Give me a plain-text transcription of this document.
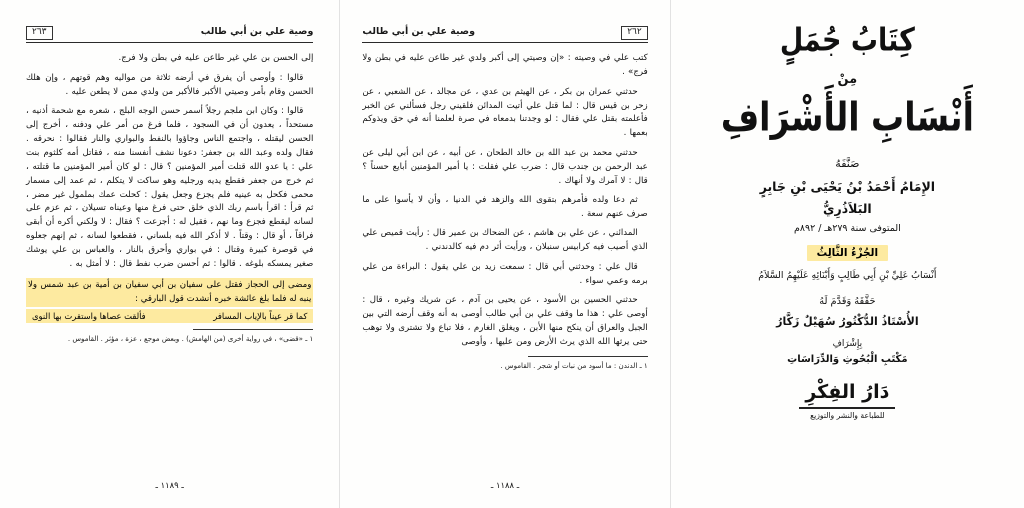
٢٦٣	وصية علي بن أبي طالب

إلى الحسن بن علي غير طاعن عليه في بطن ولا فرج.

قالوا : وأوصى أن يفرق في أرضه ثلاثة من مواليه وهم قوتهم ، وإن هلك الحسن وقام بأمر وصيتي الأكبر فالأكبر من ولدي ممن لا يطعن عليه .

قالوا : وكان ابن ملجم رجلاً أسمر حسن الوجه البلج ، شعره مع شحمة أذنيه ، مستحداً ، يعدون أن في السجود ، فلما فرغ من أمر علي ودفنه ، أخرج إلى الحسن ليقتله ، واجتمع الناس وجاؤوا بالنفط والبواري والنار فقالوا : نحرقه . فقال ولده وعبد الله بن جعفر: دعونا نشف أنفسنا منه ، فقاتل أمه كلثوم بنت علي : يا عدو الله قتلت أمير المؤمنين ؟ قال : لو كان أمير المؤمنين ما قتلته ، ثم خرج من جعفر فقطع يديه ورجليه وهو ساكت لا يتكلم ، ثم عمد إلى مسمار محمى فكحل به عينيه فلم يجزع وجعل يقول : كحلت عمك بملمول غير مضر ، ثم قرأ : اقرأ باسم ربك الذي خلق حتى فرغ منها وعيناه تسيلان ، ثم عزم على لسانه ليقطع فجزع وما نهم ، فقيل له : أجزعت ؟ فقال : لا ولكني أكره أن أبقى فراقاً ، أو قال : وقتاً . لا أذكر الله فيه بلساني ، فقطعوا لسانه ، ثم إنهم جعلوه في قوصرة كبيرة وقتال : في بواري وأحرق بالنار ، والعباس بن علي يوشك صغير يمسكه بلوغه . قالوا : ثم أحسن ضرب نفط قال : لا أمثل به .

ومضى إلى الحجاز فقتل على سفيان بن أبي سفيان بن أمية بن عبد شمس ولا ينبه له فلما بلغ عائشة خبره أنشدت قول البارقي :

فألقت عصاها واستقرت بها النوى	كما قر عيناً بالإياب المسافر

١ ـ «قضى» ، في رواية أخرى (من الهامش) . وبعض موجع ، عزة ، مؤثر . القاموس .

ـ ١١٨٩ ـ
٢٦٢
وصية علي بن أبي طالب

كتب علي في وصيته : «إن وصيتي إلى أكبر ولدي غير طاعن عليه في بطن ولا فرج» .

حدثني عمران بن بكر ، عن الهيثم بن عدي ، عن مجالد ، عن الشعبي ، عن زحر بن قيس قال : لما قتل علي أتيت المدائن فلقيني رجل فسألني عن الخبر فأعلمته بقتل علي فقال : لو وجدتنا بدمعاه في صرة لعلمنا أنه في حق ويذوكم بعمها .

حدثني محمد بن عبد الله بن خالد الطحان ، عن أبيه ، عن ابن أبي ليلى عن عبد الرحمن بن جندب قال : ضرب علي فقلت : يا أمير المؤمنين أبايع حسناً ؟ قال : لا آمرك ولا أنهاك .

ثم دعا ولده فأمرهم بتقوى الله والزهد في الدنيا ، وأن لا يأسوا على ما صرف عنهم سعة .

المدائني ، عن علي بن هاشم ، عن الضحاك بن عمير قال : رأيت قميص علي الذي أصيب فيه كرابيس سنبلان ، ورأيت أثر دم فيه كالدندني .

قال علي : وحدثني أبي قال : سمعت زيد بن علي يقول : البراءة من علي برمه وعمي سواء .

حدثني الحسين بن الأسود ، عن يحيى بن آدم ، عن شريك وغيره ، قال : أوصى علي : هذا ما وقف علي بن أبي طالب أوصى به أنه وقف أرضه التي بين الجبل والعراق أن ينكح منها الأبن ، ويغلق الغارم ، فلا تباع ولا تشترى ولا توهب حتى يرثها الله الذي يرث الأرض ومن عليها ، وأوصى

١ ـ الدندن : ما أسود من نبات أو شجر . القاموس .

ـ ١١٨٨ ـ
كِتَابُ جُمَلٍ
مِنْ
أَنْسَابِ الأَشْرَافِ
صَنَّفَهُ
الإِمَامُ أَحْمَدُ بْنُ يَحْيَى بْنِ جَابِرٍ
البَلاَذُرِيُّ
المتوفى سنة ٢٧٩هـ / ٨٩٢م
الجُزْءُ الثَّالِثُ
أَنْسَابُ عَلِيِّ بْنِ أَبِي طَالِبٍ وَأَبْنَائِهِ عَلَيْهِمُ السَّلاَمُ
حَقَّقَهُ وَقَدَّمَ لَهُ
الأُسْتَاذُ الدُّكْتُورُ سُهَيْلٌ زَكَّارُ
بِإِشْرَافِ
مَكْتَبِ الْبُحُوثِ وَالدِّرَاسَاتِ
دَارُ الفِكْرِ
للطباعة والنشر والتوزيع
